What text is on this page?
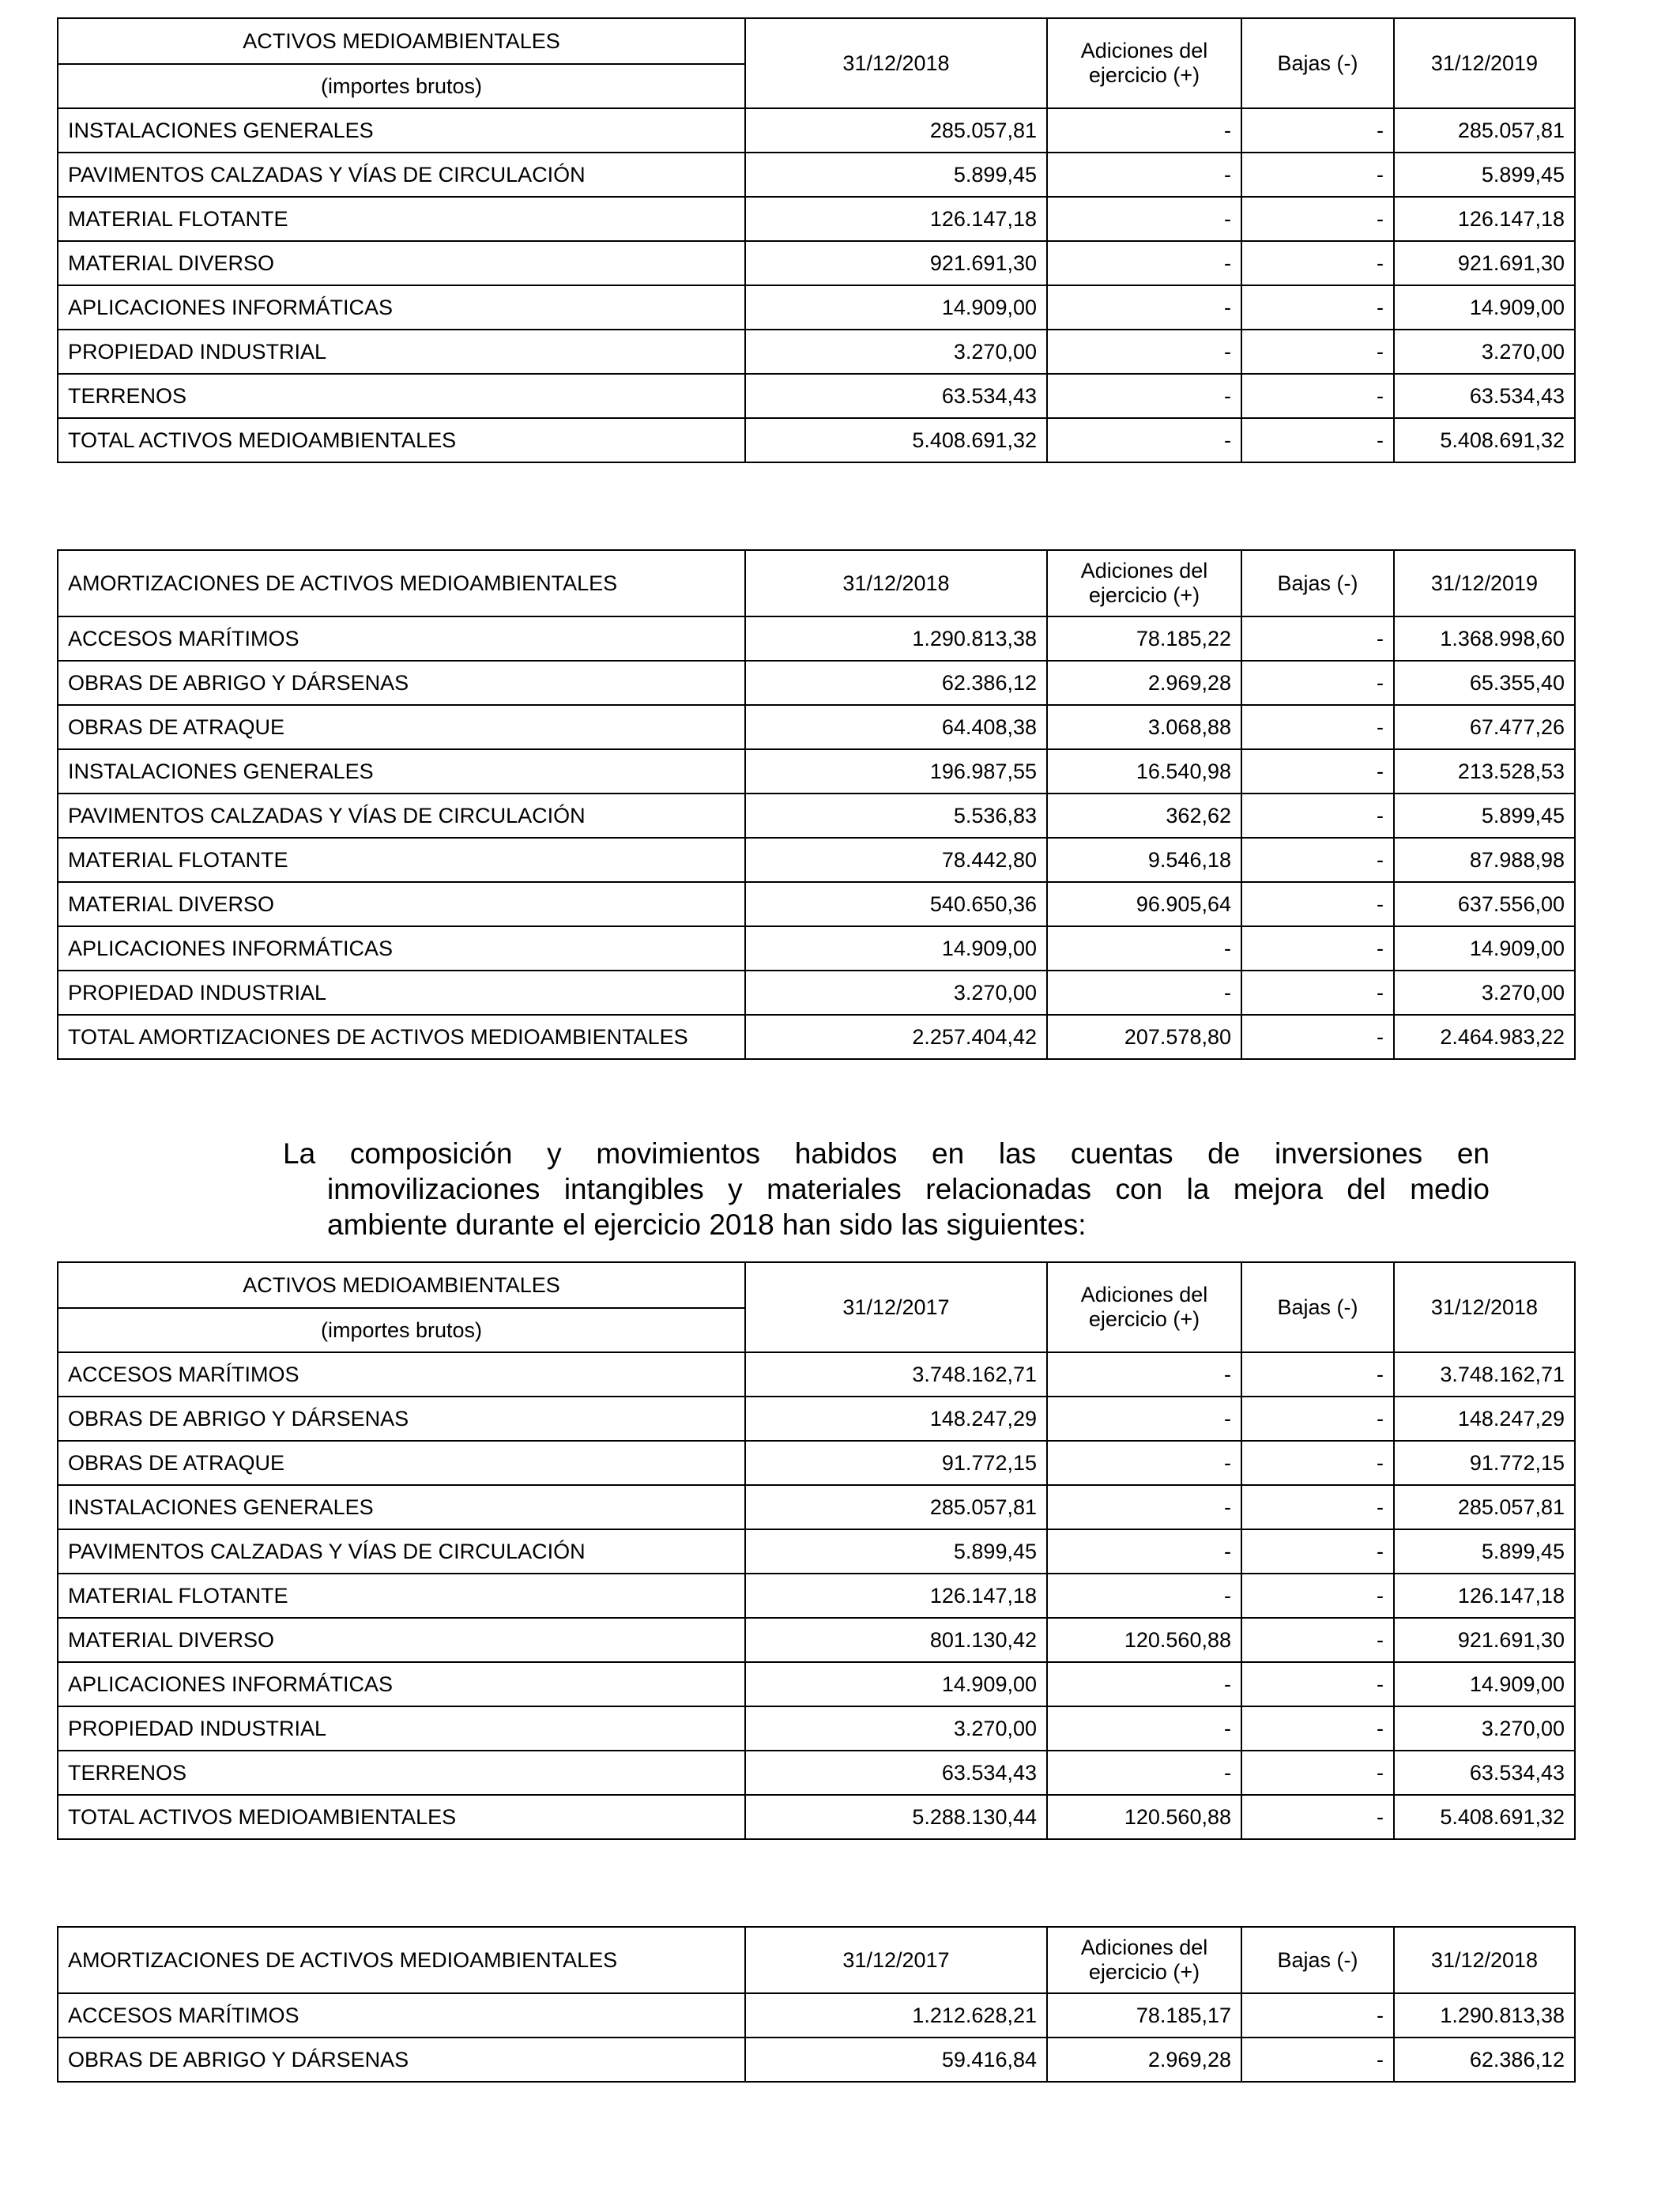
ACTIVOS MEDIOAMBIENTALES	31/12/2018	Adiciones del
ejercicio (+)	Bajas (-)	31/12/2019
(importes brutos)				
INSTALACIONES GENERALES	285.057,81	-	-	285.057,81
PAVIMENTOS CALZADAS Y VÍAS DE CIRCULACIÓN	5.899,45	-	-	5.899,45
MATERIAL FLOTANTE	126.147,18	-	-	126.147,18
MATERIAL DIVERSO	921.691,30	-	-	921.691,30
APLICACIONES INFORMÁTICAS	14.909,00	-	-	14.909,00
PROPIEDAD INDUSTRIAL	3.270,00	-	-	3.270,00
TERRENOS	63.534,43	-	-	63.534,43
TOTAL ACTIVOS MEDIOAMBIENTALES	5.408.691,32	-	-	5.408.691,32
AMORTIZACIONES DE ACTIVOS MEDIOAMBIENTALES	31/12/2018	Adiciones del
ejercicio (+)	Bajas (-)	31/12/2019
ACCESOS MARÍTIMOS	1.290.813,38	78.185,22	-	1.368.998,60
OBRAS DE ABRIGO Y DÁRSENAS	62.386,12	2.969,28	-	65.355,40
OBRAS DE ATRAQUE	64.408,38	3.068,88	-	67.477,26
INSTALACIONES GENERALES	196.987,55	16.540,98	-	213.528,53
PAVIMENTOS CALZADAS Y VÍAS DE CIRCULACIÓN	5.536,83	362,62	-	5.899,45
MATERIAL FLOTANTE	78.442,80	9.546,18	-	87.988,98
MATERIAL DIVERSO	540.650,36	96.905,64	-	637.556,00
APLICACIONES INFORMÁTICAS	14.909,00	-	-	14.909,00
PROPIEDAD INDUSTRIAL	3.270,00	-	-	3.270,00
TOTAL AMORTIZACIONES DE ACTIVOS MEDIOAMBIENTALES	2.257.404,42	207.578,80	-	2.464.983,22
La composición y movimientos habidos en las cuentas de inversiones en
inmovilizaciones intangibles y materiales relacionadas con la mejora del medio
ambiente durante el ejercicio 2018 han sido las siguientes:
ACTIVOS MEDIOAMBIENTALES	31/12/2017	Adiciones del
ejercicio (+)	Bajas (-)	31/12/2018
(importes brutos)				
ACCESOS MARÍTIMOS	3.748.162,71	-	-	3.748.162,71
OBRAS DE ABRIGO Y DÁRSENAS	148.247,29	-	-	148.247,29
OBRAS DE ATRAQUE	91.772,15	-	-	91.772,15
INSTALACIONES GENERALES	285.057,81	-	-	285.057,81
PAVIMENTOS CALZADAS Y VÍAS DE CIRCULACIÓN	5.899,45	-	-	5.899,45
MATERIAL FLOTANTE	126.147,18	-	-	126.147,18
MATERIAL DIVERSO	801.130,42	120.560,88	-	921.691,30
APLICACIONES INFORMÁTICAS	14.909,00	-	-	14.909,00
PROPIEDAD INDUSTRIAL	3.270,00	-	-	3.270,00
TERRENOS	63.534,43	-	-	63.534,43
TOTAL ACTIVOS MEDIOAMBIENTALES	5.288.130,44	120.560,88	-	5.408.691,32
AMORTIZACIONES DE ACTIVOS MEDIOAMBIENTALES	31/12/2017	Adiciones del
ejercicio (+)	Bajas (-)	31/12/2018
ACCESOS MARÍTIMOS	1.212.628,21	78.185,17	-	1.290.813,38
OBRAS DE ABRIGO Y DÁRSENAS	59.416,84	2.969,28	-	62.386,12
